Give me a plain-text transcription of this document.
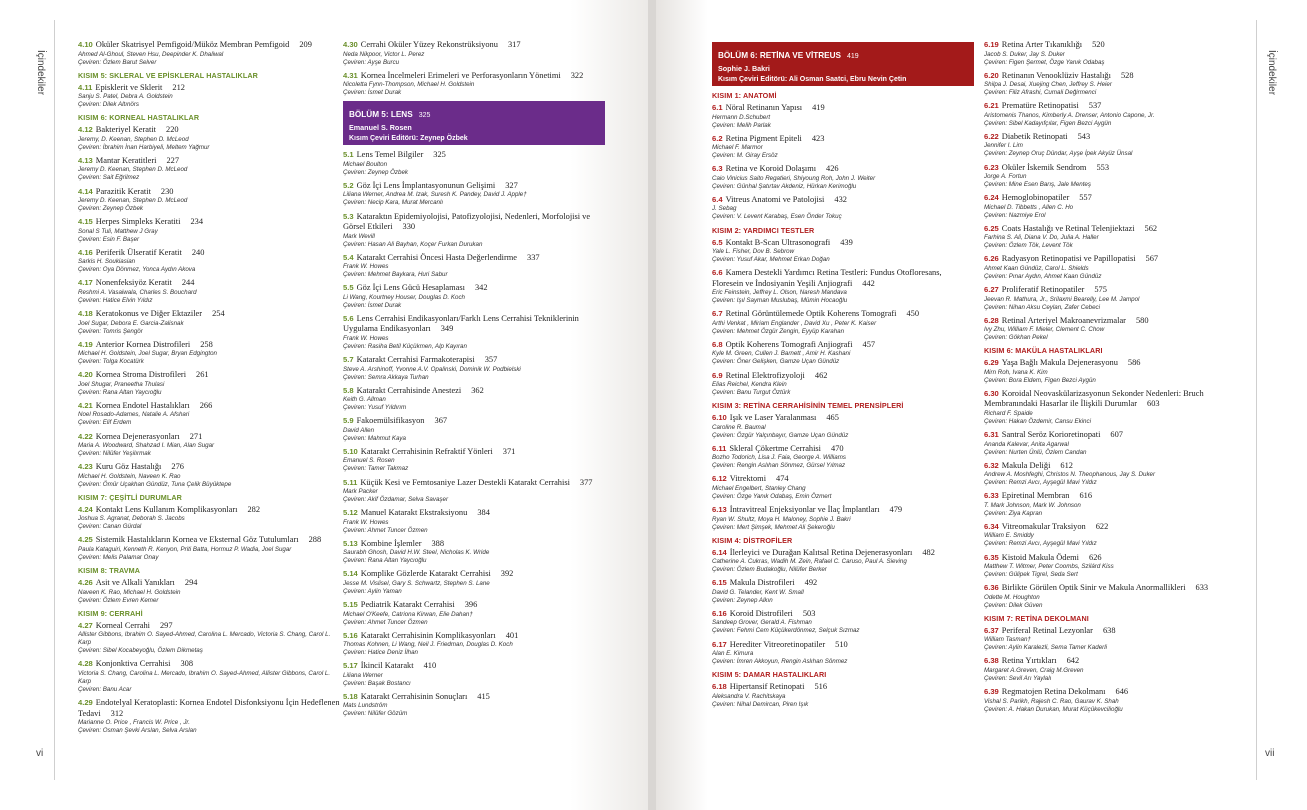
İçindekiler
vi
4.10 Oküler Skatrisyel Pemfigoid/Müköz Membran Pemfigoid 209
Ahmed Al-Ghoul, Steven Hsu, Deepinder K. Dhaliwal
Çeviren: Özlem Barut Selver
KISIM 5: SKLERAL VE EPİSKLERAL HASTALIKLAR
4.11 Episklerit ve Sklerit 212
Sanju S. Patel, Debra A. Goldstein
Çeviren: Dilek Altınörs
KISIM 6: KORNEAL HASTALIKLAR
4.12 Bakteriyel Keratit 220
Jeremy, D. Keenan, Stephen D. McLeod
Çeviren: İbrahim İnan Harbiyeli, Meltem Yağmur
4.13 Mantar Keratitleri 227
Jeremy D. Keenan, Stephen D. McLeod
Çeviren: Sait Eğrilmez
4.14 Parazitik Keratit 230
Jeremy D. Keenan, Stephen D. McLeod
Çeviren: Zeynep Özbek
4.15 Herpes Simpleks Keratiti 234
Sonal S Tuli, Matthew J Gray
Çeviren: Esin F. Başer
4.16 Periferik Ülseratif Keratit 240
Sarkis H. Soukiasian
Çeviren: Oya Dönmez, Yonca Aydın Akova
4.17 Nonenfeksiyöz Keratit 244
Reshmi A. Vasaiwala, Charles S. Bouchard
Çeviren: Hatice Elvin Yıldız
4.18 Keratokonus ve Diğer Ektaziler 254
Joel Sugar, Debora E. Garcia-Zalisnak
Çeviren: Tomris Şengör
4.19 Anterior Kornea Distrofileri 258
Michael H. Goldstein, Joel Sugar, Bryan Edgington
Çeviren: Tolga Kocatürk
4.20 Kornea Stroma Distrofileri 261
Joel Shugar, Praneetha Thulasi
Çeviren: Rana Altan Yaycıoğlu
4.21 Kornea Endotel Hastalıkları 266
Noel Rosado-Adames, Natalie A. Afshari
Çeviren: Elif Erdem
4.22 Kornea Dejenerasyonları 271
Maria A. Woodward, Shahzad I. Mian, Alan Sugar
Çeviren: Nilüfer Yeşilırmak
4.23 Kuru Göz Hastalığı 276
Michael H. Goldstein, Naveen K. Rao
Çeviren: Ömür Uçakhan Gündüz, Tuna Çelik Büyüktepe
KISIM 7: ÇEŞİTLİ DURUMLAR
4.24 Kontakt Lens Kullanım Komplikasyonları 282
Joshua S. Agranat, Deborah S. Jacobs
Çeviren: Canan Gürdal
4.25 Sistemik Hastalıkların Kornea ve Eksternal Göz Tutulumları 288
Paula Kataguiri, Kenneth R. Kenyon, Priti Batta, Hormuz P. Wadia, Joel Sugar
Çeviren: Melis Palamar Onay
KISIM 8: TRAVMA
4.26 Asit ve Alkali Yanıkları 294
Naveen K. Rao, Michael H. Goldstein
Çeviren: Özlem Evren Kemer
KISIM 9: CERRAHİ
4.27 Korneal Cerrahi 297
Allister Gibbons, Ibrahim O. Sayed-Ahmed, Carolina L. Mercado, Victoria S. Chang, Carol L. Karp
Çeviren: Sibel Kocabeyoğlu, Özlem Dikmetaş
4.28 Konjonktiva Cerrahisi 308
Victoria S. Chang, Carolina L. Mercado, Ibrahim O. Sayed-Ahmed, Allister Gibbons, Carol L. Karp
Çeviren: Banu Acar
4.29 Endotelyal Keratoplasti: Kornea Endotel Disfonksiyonu İçin Hedeflenen Tedavi 312
Marianne O. Price , Francis W. Price , Jr.
Çeviren: Osman Şevki Arslan, Selva Arslan
4.30 Cerrahi Oküler Yüzey Rekonstrüksiyonu 317
Neda Nikpoor, Victor L. Perez
Çeviren: Ayşe Burcu
4.31 Kornea İncelmeleri Erimeleri ve Perforasyonların Yönetimi 322
Nicoletta Fynn-Thompson, Michael H. Goldstein
Çeviren: İsmet Durak
BÖLÜM 5: LENS 325
Emanuel S. Rosen
Kısım Çeviri Editörü: Zeynep Özbek
5.1 Lens Temel Bilgiler 325
Michael Boulton
Çeviren: Zeynep Özbek
5.2 Göz İçi Lens İmplantasyonunun Gelişimi 327
Liliana Werner, Andrea M. Izak, Suresh K. Pandey, David J. Apple†
Çeviren: Necip Kara, Murat Mercanlı
5.3 Kataraktın Epidemiyolojisi, Patofizyolojisi, Nedenleri, Morfolojisi ve Görsel Etkileri 330
Mark Wevill
Çeviren: Hasan Ali Bayhan, Koçer Furkan Durukan
5.4 Katarakt Cerrahisi Öncesi Hasta Değerlendirme 337
Frank W. Howes
Çeviren: Mehmet Baykara, Huri Sabur
5.5 Göz İçi Lens Gücü Hesaplaması 342
Li Wang, Kourtney Houser, Douglas D. Koch
Çeviren: İsmet Durak
5.6 Lens Cerrahisi Endikasyonları/Farklı Lens Cerrahisi Tekniklerinin Uygulama Endikasyonları 349
Frank W. Howes
Çeviren: Rasiha Betil Küçükmen, Alp Kayıran
5.7 Katarakt Cerrahisi Farmakoterapisi 357
Steve A. Arshinoff, Yvonne A.V. Opalinski, Dominik W. Podbielski
Çeviren: Semra Akkaya Turhan
5.8 Katarakt Cerrahisinde Anestezi 362
Keith G. Allman
Çeviren: Yusuf Yıldırım
5.9 Fakoemülsifikasyon 367
David Allen
Çeviren: Mahmut Kaya
5.10 Katarakt Cerrahisinin Refraktif Yönleri 371
Emanuel S. Rosen
Çeviren: Tamer Takmaz
5.11 Küçük Kesi ve Femtosaniye Lazer Destekli Katarakt Cerrahisi 377
Mark Packer
Çeviren: Akif Özdamar, Selva Savaşer
5.12 Manuel Katarakt Ekstraksiyonu 384
Frank W. Howes
Çeviren: Ahmet Tuncer Özmen
5.13 Kombine İşlemler 388
Saurabh Ghosh, David H.W. Steel, Nicholas K. Wride
Çeviren: Rana Altan Yaycıoğlu
5.14 Komplike Gözlerde Katarakt Cerrahisi 392
Jesse M. Vislisel, Gary S. Schwartz, Stephen S. Lane
Çeviren: Aylin Yaman
5.15 Pediatrik Katarakt Cerrahisi 396
Michael O'Keefe, Catriona Kirwan, Elie Dahan†
Çeviren: Ahmet Tuncer Özmen
5.16 Katarakt Cerrahisinin Komplikasyonları 401
Thomas Kohnen, Li Wang, Neil J. Friedman, Douglas D. Koch
Çeviren: Hatice Deniz İlhan
5.17 İkincil Katarakt 410
Liliana Werner
Çeviren: Başak Bostancı
5.18 Katarakt Cerrahisinin Sonuçları 415
Mats Lundström
Çeviren: Nilüfer Gözüm
İçindekiler
vii
BÖLÜM 6: RETİNA VE VİTREUS 419
Sophie J. Bakri
Kısım Çeviri Editörü: Ali Osman Saatci, Ebru Nevin Çetin
KISIM 1: ANATOMİ
6.1 Nöral Retinanın Yapısı 419
Hermann D.Schubert
Çeviren: Melih Parlak
6.2 Retina Pigment Epiteli 423
Michael F. Marmor
Çeviren: M. Giray Ersöz
6.3 Retina ve Koroid Dolaşımı 426
Caio Vinicius Saito Regatieri, Shiyoung Roh, John J. Weiter
Çeviren: Günhal Şatırtav Akdeniz, Hürkan Kerimoğlu
6.4 Vitreus Anatomi ve Patolojisi 432
J. Sebag
Çeviren: V. Levent Karabaş, Esen Önder Tokuç
KISIM 2: YARDIMCI TESTLER
6.5 Kontakt B-Scan Ultrasonografi 439
Yale L. Fisher, Dov B. Sebrow
Çeviren: Yusuf Akar, Mehmet Erkan Doğan
6.6 Kamera Destekli Yardımcı Retina Testleri: Fundus Otofloresans, Floresein ve İndosiyanin Yeşili Anjiografi 442
Eric Feinstein, Jeffrey L. Olson, Naresh Mandava
Çeviren: Işıl Sayman Muslubaş, Mümin Hocaoğlu
6.7 Retinal Görüntülemede Optik Koherens Tomografi 450
Arthi Venkat , Miriam Englander , David Xu , Peter K. Kaiser
Çeviren: Mehmet Özgür Zengin, Eyyüp Karahan
6.8 Optik Koherens Tomografi Anjiografi 457
Kyle M. Green, Cullen J. Barnett , Amir H. Kashani
Çeviren: Öner Gelişken, Gamze Uçan Gündüz
6.9 Retinal Elektrofizyoloji 462
Elias Reichel, Kendra Klein
Çeviren: Banu Turgut Öztürk
KISIM 3: RETİNA CERRAHİSİNİN TEMEL PRENSİPLERİ
6.10 Işık ve Laser Yaralanması 465
Caroline R. Baumal
Çeviren: Özgür Yalçınbayır, Gamze Uçan Gündüz
6.11 Skleral Çökertme Cerrahisi 470
Bozho Todorich, Lisa J. Faia, George A. Williams
Çeviren: Rengin Aslıhan Sönmez, Gürsel Yılmaz
6.12 Vitrektomi 474
Michael Engelbert, Stanley Chang
Çeviren: Özge Yanık Odabaş, Emin Özmert
6.13 İntravitreal Enjeksiyonlar ve İlaç İmplantları 479
Ryan W. Shultz, Moya H. Maloney, Sophie J. Bakri
Çeviren: Mert Şimşek, Mehmet Ali Şekeroğlu
KISIM 4: DİSTROFİLER
6.14 İlerleyici ve Durağan Kalıtsal Retina Dejenerasyonları 482
Catherine A. Cukras, Wadih M. Zein, Rafael C. Caruso, Paul A. Sieving
Çeviren: Özlem Budakoğlu, Nilüfer Berker
6.15 Makula Distrofileri 492
David G. Telander, Kent W. Small
Çeviren: Zeynep Alkın
6.16 Koroid Distrofileri 503
Sandeep Grover, Gerald A. Fishman
Çeviren: Fehmi Cem Küçükerdönmez, Selçuk Sızmaz
6.17 Herediter Vitreoretinopatiler 510
Alan E. Kimura
Çeviren: İmren Akkoyun, Rengin Aslıhan Sönmez
KISIM 5: DAMAR HASTALIKLARI
6.18 Hipertansif Retinopati 516
Aleksandra V. Rachitskaya
Çeviren: Nihal Demircan, Piren Işık
6.19 Retina Arter Tıkanıklığı 520
Jacob S. Duker, Jay S. Duker
Çeviren: Figen Şermet, Özge Yanık Odabaş
6.20 Retinanın Venooklüziv Hastalığı 528
Shilpa J. Desai, Xuejing Chen, Jeffrey S. Heier
Çeviren: Filiz Afrashi, Cumali Değirmenci
6.21 Prematüre Retinopatisi 537
Aristomenis Thanos, Kimberly A. Drenser, Antonio Capone, Jr.
Çeviren: Sibel Kadayıfçılar, Figen Bezci Aygün
6.22 Diabetik Retinopati 543
Jennifer I. Lim
Çeviren: Zeynep Oruç Dündar, Ayşe İpek Akyüz Ünsal
6.23 Oküler İskemik Sendrom 553
Jorge A. Fortun
Çeviren: Mine Esen Barış, Jale Menteş
6.24 Hemoglobinopatiler 557
Michael D. Tibbetts , Allen C. Ho
Çeviren: Nazmiye Erol
6.25 Coats Hastalığı ve Retinal Telenjiektazi 562
Farhina S. Ali, Diana V. Do, Julia A. Haller
Çeviren: Özlem Tök, Levent Tök
6.26 Radyasyon Retinopatisi ve Papillopatisi 567
Ahmet Kaan Gündüz, Carol L. Shields
Çeviren: Pınar Aydın, Ahmet Kaan Gündüz
6.27 Proliferatif Retinopatiler 575
Jeevan R. Mathura, Jr., Srilaxmi Bearelly, Lee M. Jampol
Çeviren: Nihan Aksu Ceylan, Zafer Cebeci
6.28 Retinal Arteriyel Makroanevrizmalar 580
Ivy Zhu, William F. Mieler, Clement C. Chow
Çeviren: Gökhan Pekel
KISIM 6: MAKÜLA HASTALIKLARI
6.29 Yaşa Bağlı Makula Dejenerasyonu 586
Mirn Roh, Ivana K. Kim
Çeviren: Bora Eldem, Figen Bezci Aygün
6.30 Koroidal Neovaskülarizasyonun Sekonder Nedenleri: Bruch Membranındaki Hasarlar ile İlişkili Durumlar 603
Richard F. Spaide
Çeviren: Hakan Özdemir, Cansu Ekinci
6.31 Santral Seröz Korioretinopati 607
Ananda Kalevar, Anita Agarwal
Çeviren: Nurten Ünlü, Özlem Candan
6.32 Makula Deliği 612
Andrew A. Moshfeghi, Christos N. Theophanous, Jay S. Duker
Çeviren: Remzi Avcı, Ayşegül Mavi Yıldız
6.33 Epiretinal Membran 616
T. Mark Johnson, Mark W. Johnson
Çeviren: Ziya Kapran
6.34 Vitreomakular Traksiyon 622
William E. Smiddy
Çeviren: Remzi Avcı, Ayşegül Mavi Yıldız
6.35 Kistoid Makula Ödemi 626
Matthew T. Witmer, Peter Coombs, Szilárd Kiss
Çeviren: Gülipek Tigrel, Seda Sert
6.36 Birlikte Görülen Optik Sinir ve Makula Anormallikleri 633
Odette M. Houghton
Çeviren: Dilek Güven
KISIM 7: RETİNA DEKOLMANI
6.37 Periferal Retinal Lezyonlar 638
William Tasman†
Çeviren: Aylin Karalezli, Sema Tamer Kaderli
6.38 Retina Yırtıkları 642
Margaret A.Greven, Craig M.Greven
Çeviren: Sevil Arı Yaylalı
6.39 Regmatojen Retina Dekolmanı 646
Vishal S. Parikh, Rajesh C. Rao, Gaurav K. Shah
Çeviren: A. Hakan Durukan, Murat Küçükevcilioğlu
